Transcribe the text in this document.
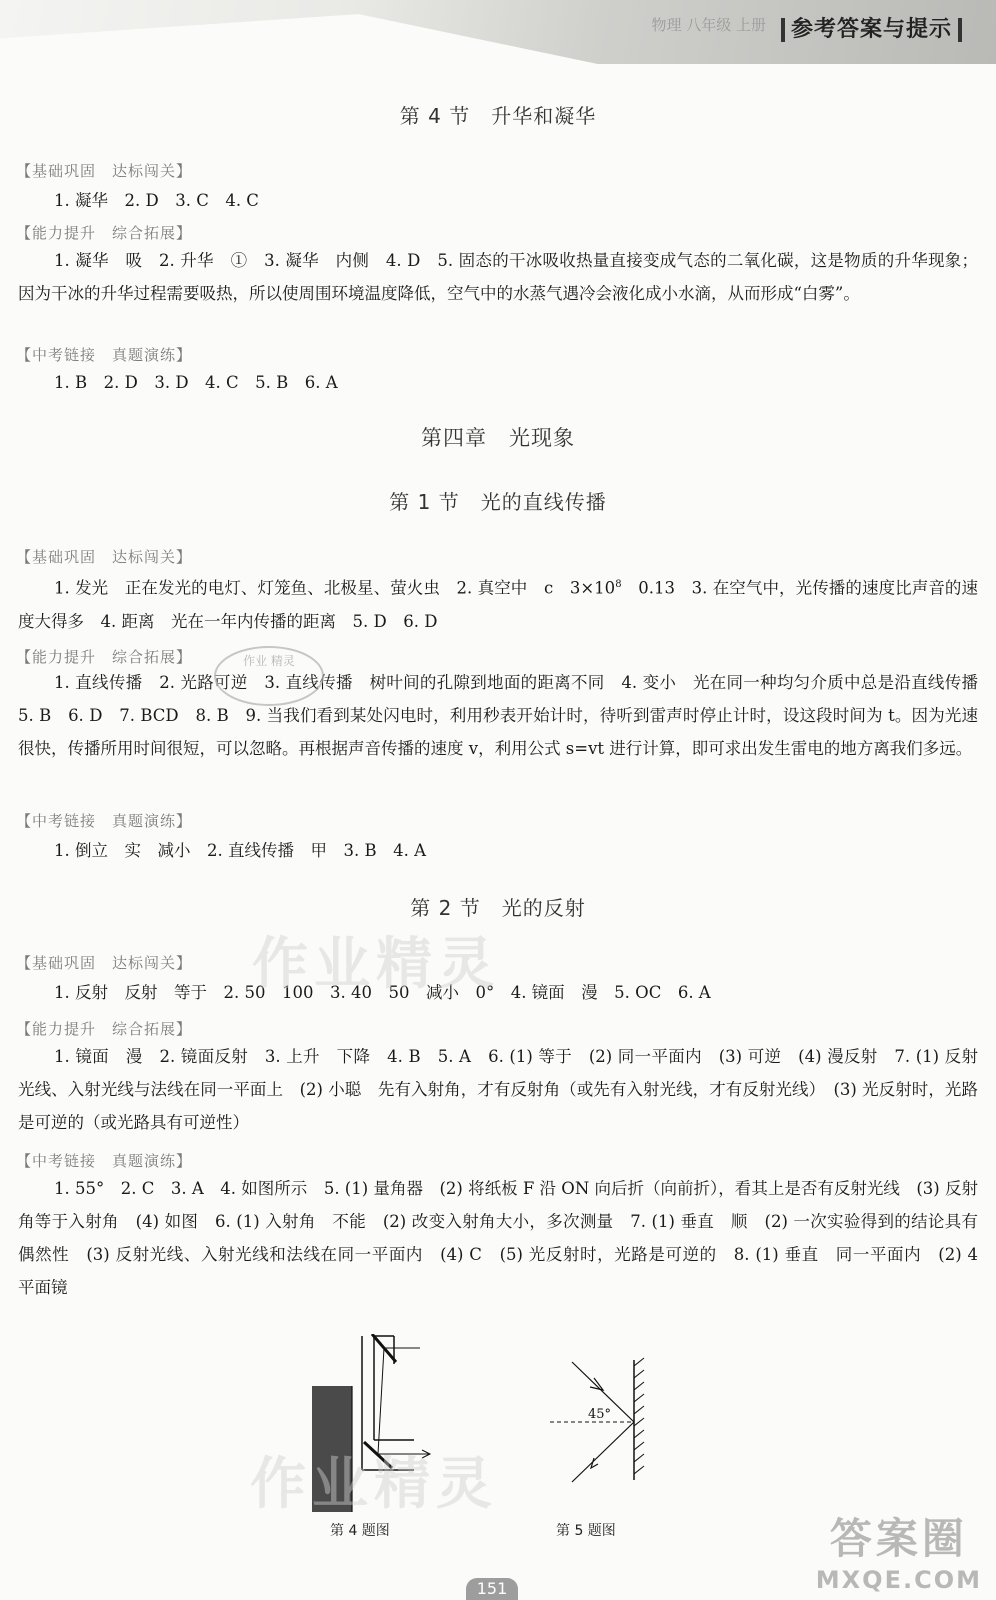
物理 八年级 上册	参考答案与提示
第 4 节　升华和凝华
【基础巩固　达标闯关】
1. 凝华　2. D　3. C　4. C
【能力提升　综合拓展】
1. 凝华　吸　2. 升华　①　3. 凝华　内侧　4. D　5. 固态的干冰吸收热量直接变成气态的二氧化碳，这是物质的升华现象；因为干冰的升华过程需要吸热，所以使周围环境温度降低，空气中的水蒸气遇冷会液化成小水滴，从而形成“白雾”。
【中考链接　真题演练】
1. B　2. D　3. D　4. C　5. B　6. A
第四章　光现象
第 1 节　光的直线传播
【基础巩固　达标闯关】
1. 发光　正在发光的电灯、灯笼鱼、北极星、萤火虫　2. 真空中　c　$3\times 10^8$　0.13　3. 在空气中，光传播的速度比声音的速度大得多　4. 距离　光在一年内传播的距离　5. D　6. D
【能力提升　综合拓展】
1. 直线传播　2. 光路可逆　3. 直线传播　树叶间的孔隙到地面的距离不同　4. 变小　光在同一种均匀介质中总是沿直线传播　5. B　6. D　7. BCD　8. B　9. 当我们看到某处闪电时，利用秒表开始计时，待听到雷声时停止计时，设这段时间为 t。因为光速很快，传播所用时间很短，可以忽略。再根据声音传播的速度 v，利用公式 s=vt 进行计算，即可求出发生雷电的地方离我们多远。
【中考链接　真题演练】
1. 倒立　实　减小　2. 直线传播　甲　3. B　4. A
第 2 节　光的反射
【基础巩固　达标闯关】
1. 反射　反射　等于　2. 50　100　3. 40　50　减小　0°　4. 镜面　漫　5. OC　6. A
【能力提升　综合拓展】
1. 镜面　漫　2. 镜面反射　3. 上升　下降　4. B　5. A　6. (1) 等于　(2) 同一平面内　(3) 可逆　(4) 漫反射　7. (1) 反射光线、入射光线与法线在同一平面上　(2) 小聪　先有入射角，才有反射角（或先有入射光线，才有反射光线）　(3) 光反射时，光路是可逆的（或光路具有可逆性）
【中考链接　真题演练】
1. 55°　2. C　3. A　4. 如图所示　5. (1) 量角器　(2) 将纸板 F 沿 ON 向后折（向前折），看其上是否有反射光线　(3) 反射角等于入射角　(4) 如图　6. (1) 入射角　不能　(2) 改变入射角大小，多次测量　7. (1) 垂直　顺　(2) 一次实验得到的结论具有偶然性　(3) 反射光线、入射光线和法线在同一平面内　(4) C　(5) 光反射时，光路是可逆的　8. (1) 垂直　同一平面内　(2) 4　平面镜
第 4 题图
45°
第 5 题图
作业精灵
作业精灵
作业 精灵
答案圈
MXQE.COM
151
